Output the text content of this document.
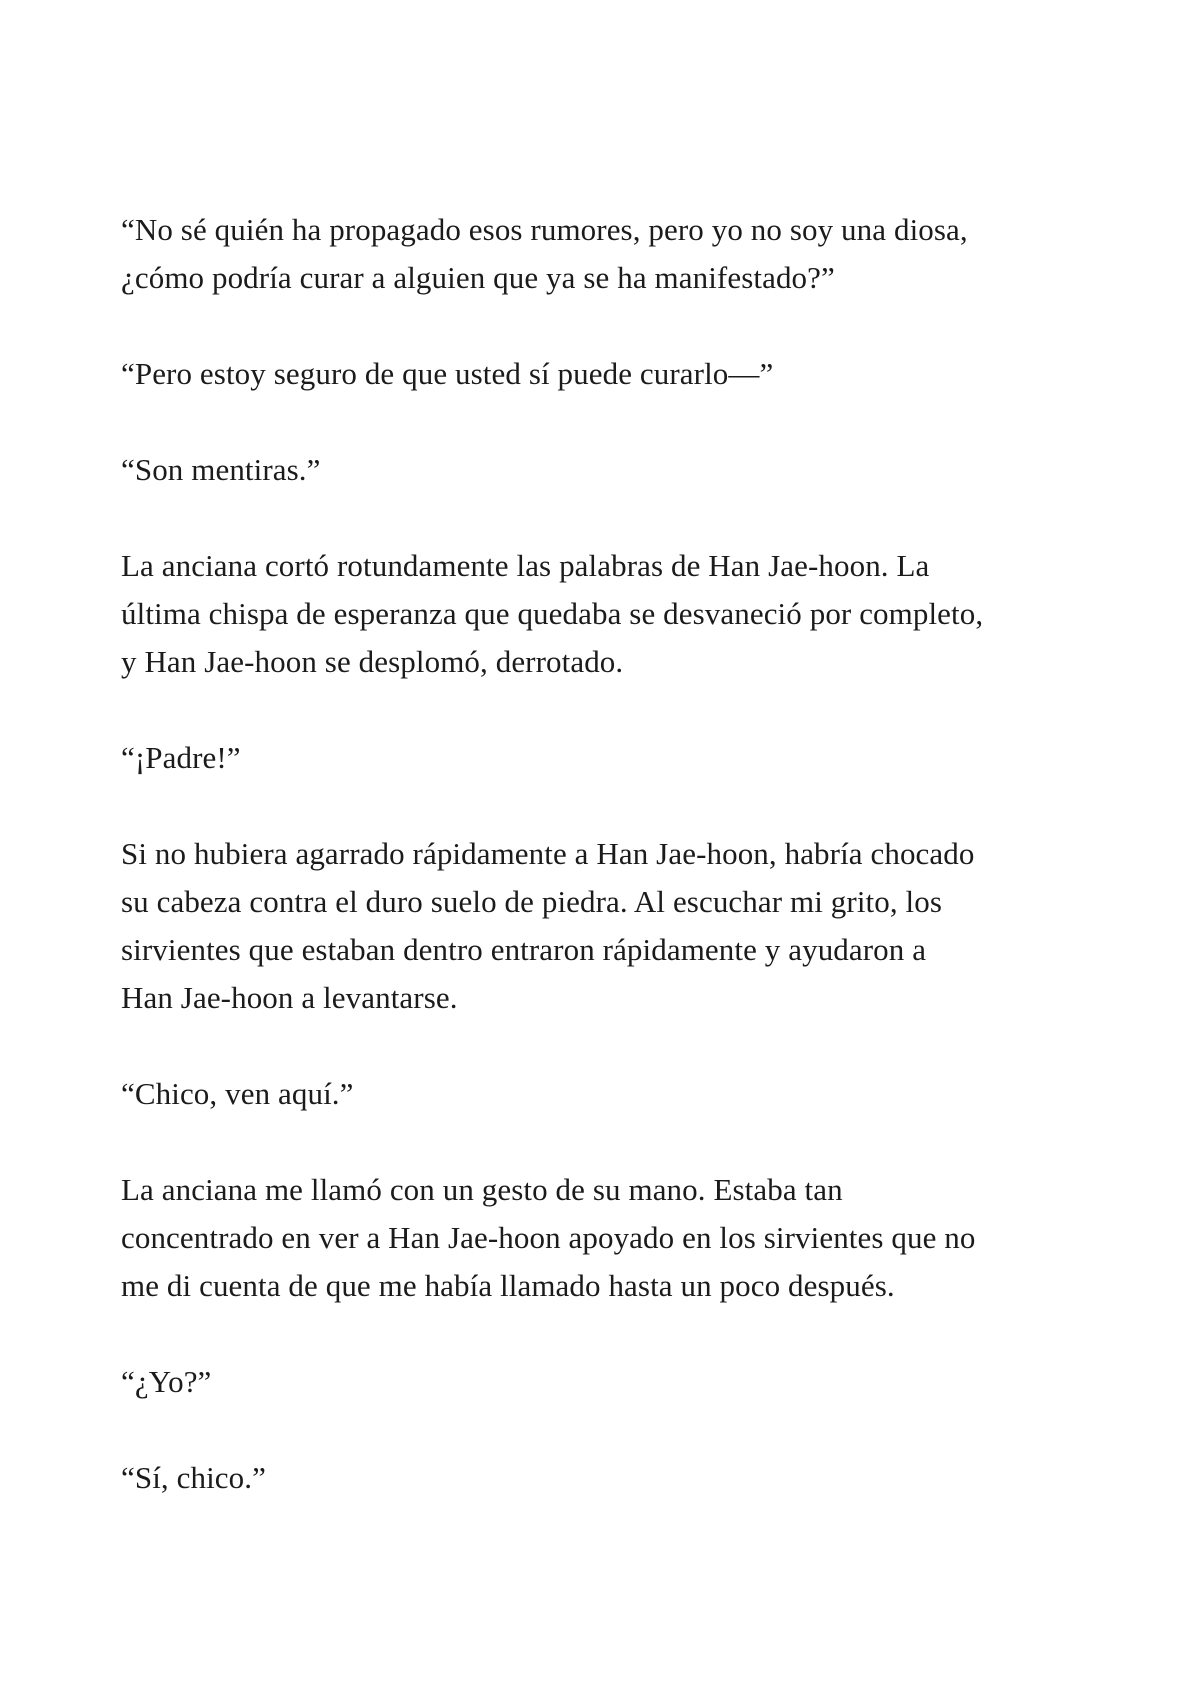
“No sé quién ha propagado esos rumores, pero yo no soy una diosa,
¿cómo podría curar a alguien que ya se ha manifestado?”

“Pero estoy seguro de que usted sí puede curarlo—”

“Son mentiras.”

La anciana cortó rotundamente las palabras de Han Jae-hoon. La
última chispa de esperanza que quedaba se desvaneció por completo,
y Han Jae-hoon se desplomó, derrotado.

“¡Padre!”

Si no hubiera agarrado rápidamente a Han Jae-hoon, habría chocado
su cabeza contra el duro suelo de piedra. Al escuchar mi grito, los
sirvientes que estaban dentro entraron rápidamente y ayudaron a
Han Jae-hoon a levantarse.

“Chico, ven aquí.”

La anciana me llamó con un gesto de su mano. Estaba tan
concentrado en ver a Han Jae-hoon apoyado en los sirvientes que no
me di cuenta de que me había llamado hasta un poco después.

“¿Yo?”

“Sí, chico.”
